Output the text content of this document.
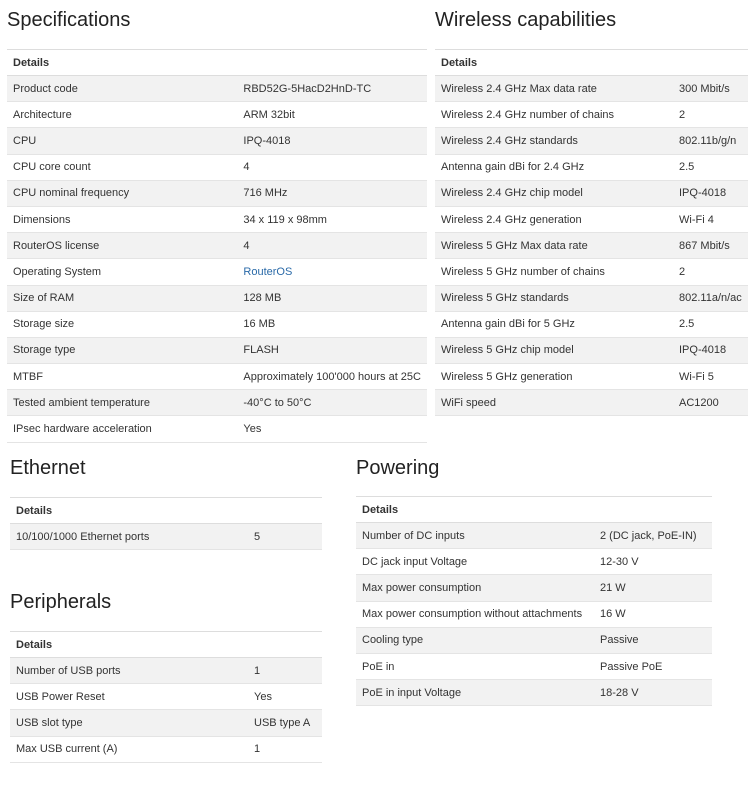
Specifications
Details	
Product code	RBD52G-5HacD2HnD-TC
Architecture	ARM 32bit
CPU	IPQ-4018
CPU core count	4
CPU nominal frequency	716 MHz
Dimensions	34 x 119 x 98mm
RouterOS license	4
Operating System	RouterOS
Size of RAM	128 MB
Storage size	16 MB
Storage type	FLASH
MTBF	Approximately 100'000 hours at 25C
Tested ambient temperature	-40°C to 50°C
IPsec hardware acceleration	Yes
Wireless capabilities
Details	
Wireless 2.4 GHz Max data rate	300 Mbit/s
Wireless 2.4 GHz number of chains	2
Wireless 2.4 GHz standards	802.11b/g/n
Antenna gain dBi for 2.4 GHz	2.5
Wireless 2.4 GHz chip model	IPQ-4018
Wireless 2.4 GHz generation	Wi-Fi 4
Wireless 5 GHz Max data rate	867 Mbit/s
Wireless 5 GHz number of chains	2
Wireless 5 GHz standards	802.11a/n/ac
Antenna gain dBi for 5 GHz	2.5
Wireless 5 GHz chip model	IPQ-4018
Wireless 5 GHz generation	Wi-Fi 5
WiFi speed	AC1200
Ethernet
Details
10/100/1000 Ethernet ports	5
Peripherals
Details	
Number of USB ports	1
USB Power Reset	Yes
USB slot type	USB type A
Max USB current (A)	1
Powering
Details	
Number of DC inputs	2 (DC jack, PoE-IN)
DC jack input Voltage	12-30 V
Max power consumption	21 W
Max power consumption without attachments	16 W
Cooling type	Passive
PoE in	Passive PoE
PoE in input Voltage	18-28 V
